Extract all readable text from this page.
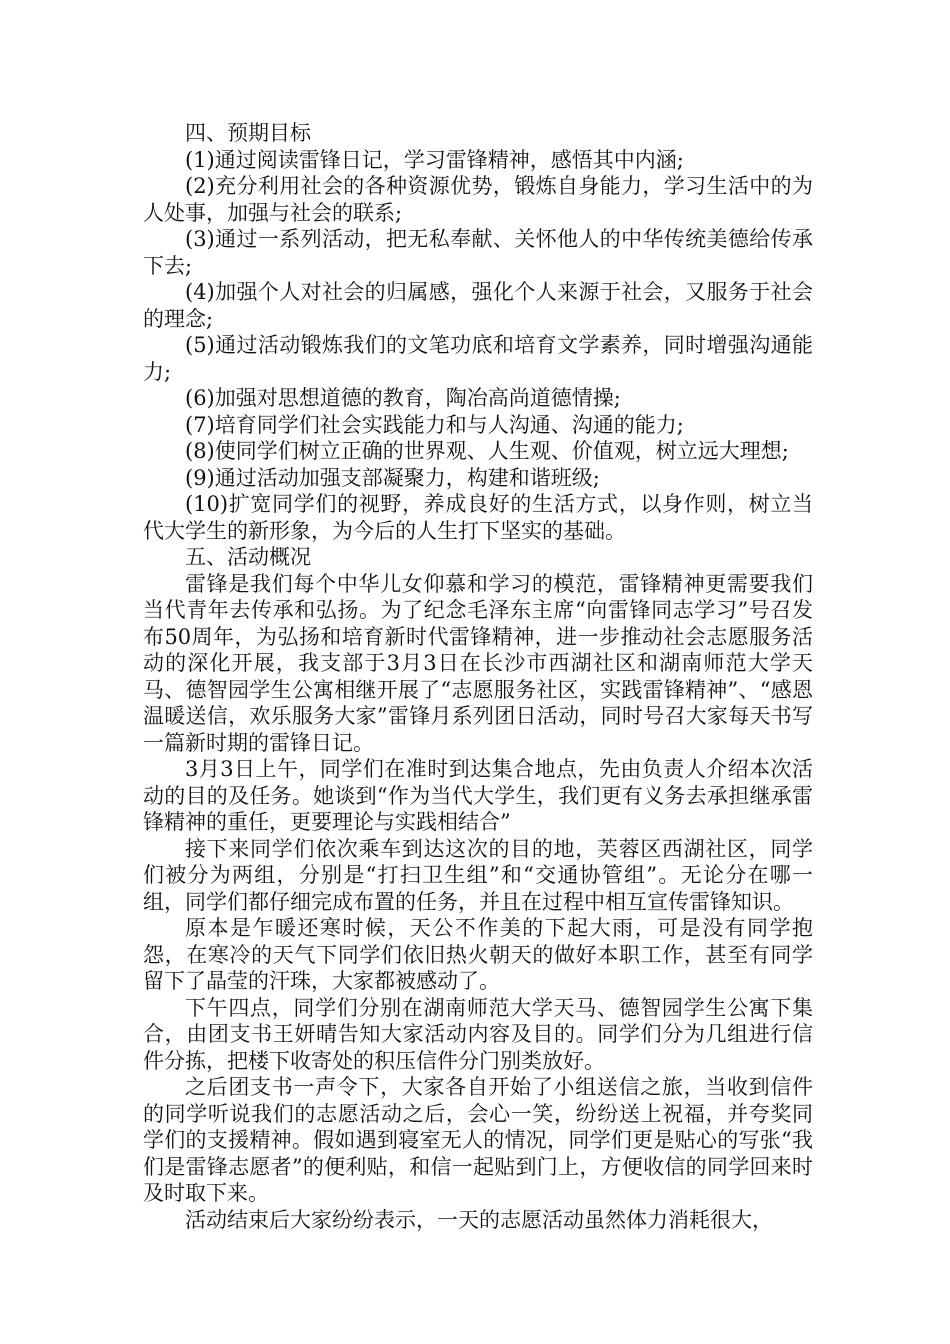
四、预期目标

(1)通过阅读雷锋日记，学习雷锋精神，感悟其中内涵;

(2)充分利用社会的各种资源优势，锻炼自身能力，学习生活中的为人处事，加强与社会的联系;

(3)通过一系列活动，把无私奉献、关怀他人的中华传统美德给传承下去;

(4)加强个人对社会的归属感，强化个人来源于社会，又服务于社会的理念;

(5)通过活动锻炼我们的文笔功底和培育文学素养，同时增强沟通能力;

(6)加强对思想道德的教育，陶冶高尚道德情操;

(7)培育同学们社会实践能力和与人沟通、沟通的能力;

(8)使同学们树立正确的世界观、人生观、价值观，树立远大理想;

(9)通过活动加强支部凝聚力，构建和谐班级;

(10)扩宽同学们的视野，养成良好的生活方式，以身作则，树立当代大学生的新形象，为今后的人生打下坚实的基础。

五、活动概况

雷锋是我们每个中华儿女仰慕和学习的模范，雷锋精神更需要我们当代青年去传承和弘扬。为了纪念毛泽东主席“向雷锋同志学习”号召发布50周年，为弘扬和培育新时代雷锋精神，进一步推动社会志愿服务活动的深化开展，我支部于3月3日在长沙市西湖社区和湖南师范大学天马、德智园学生公寓相继开展了“志愿服务社区，实践雷锋精神”、“感恩温暖送信，欢乐服务大家”雷锋月系列团日活动，同时号召大家每天书写一篇新时期的雷锋日记。

3月3日上午，同学们在准时到达集合地点，先由负责人介绍本次活动的目的及任务。她谈到“作为当代大学生，我们更有义务去承担继承雷锋精神的重任，更要理论与实践相结合”

接下来同学们依次乘车到达这次的目的地，芙蓉区西湖社区，同学们被分为两组，分别是“打扫卫生组”和“交通协管组”。无论分在哪一组，同学们都仔细完成布置的任务，并且在过程中相互宣传雷锋知识。

原本是乍暖还寒时候，天公不作美的下起大雨，可是没有同学抱怨，在寒冷的天气下同学们依旧热火朝天的做好本职工作，甚至有同学留下了晶莹的汗珠，大家都被感动了。

下午四点，同学们分别在湖南师范大学天马、德智园学生公寓下集合，由团支书王妍晴告知大家活动内容及目的。同学们分为几组进行信件分拣，把楼下收寄处的积压信件分门别类放好。

之后团支书一声令下，大家各自开始了小组送信之旅，当收到信件的同学听说我们的志愿活动之后，会心一笑，纷纷送上祝福，并夸奖同学们的支援精神。假如遇到寝室无人的情况，同学们更是贴心的写张“我们是雷锋志愿者”的便利贴，和信一起贴到门上，方便收信的同学回来时及时取下来。

活动结束后大家纷纷表示，一天的志愿活动虽然体力消耗很大，
